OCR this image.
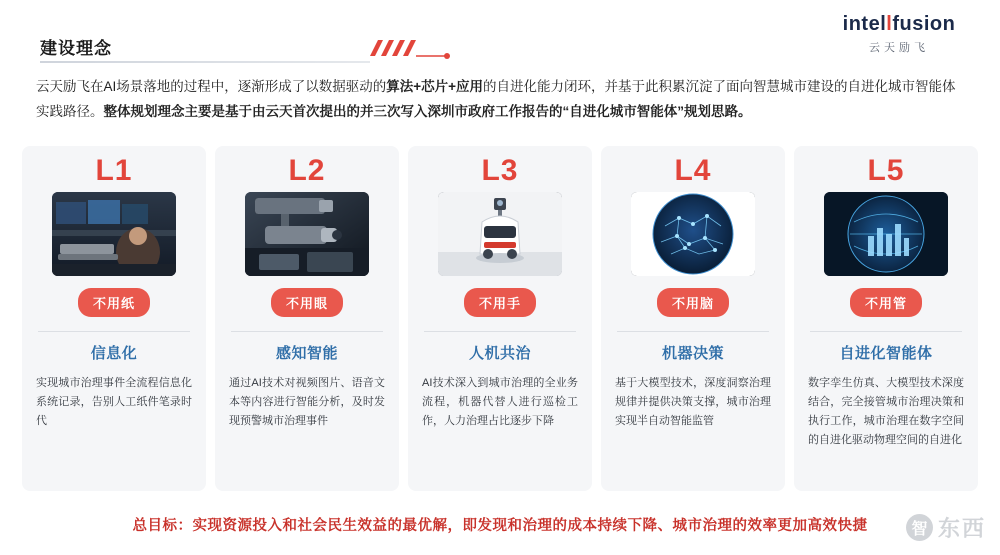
建设理念
intellfusion
云天励飞
云天励飞在AI场景落地的过程中，逐渐形成了以数据驱动的算法+芯片+应用的自进化能力闭环，并基于此积累沉淀了面向智慧城市建设的自进化城市智能体实践路径。整体规划理念主要是基于由云天首次提出的并三次写入深圳市政府工作报告的“自进化城市智能体”规划思路。
L1
不用纸
信息化
实现城市治理事件全流程信息化系统记录，告别人工纸件笔录时代
L2
不用眼
感知智能
通过AI技术对视频图片、语音文本等内容进行智能分析，及时发现预警城市治理事件
L3
不用手
人机共治
AI技术深入到城市治理的全业务流程，机器代替人进行巡检工作，人力治理占比逐步下降
L4
不用脑
机器决策
基于大模型技术，深度洞察治理规律并提供决策支撑，城市治理实现半自动智能监管
L5
不用管
自进化智能体
数字孪生仿真、大模型技术深度结合，完全接管城市治理决策和执行工作，城市治理在数字空间的自进化驱动物理空间的自进化
总目标：实现资源投入和社会民生效益的最优解，即发现和治理的成本持续下降、城市治理的效率更加高效快捷	智 东西
